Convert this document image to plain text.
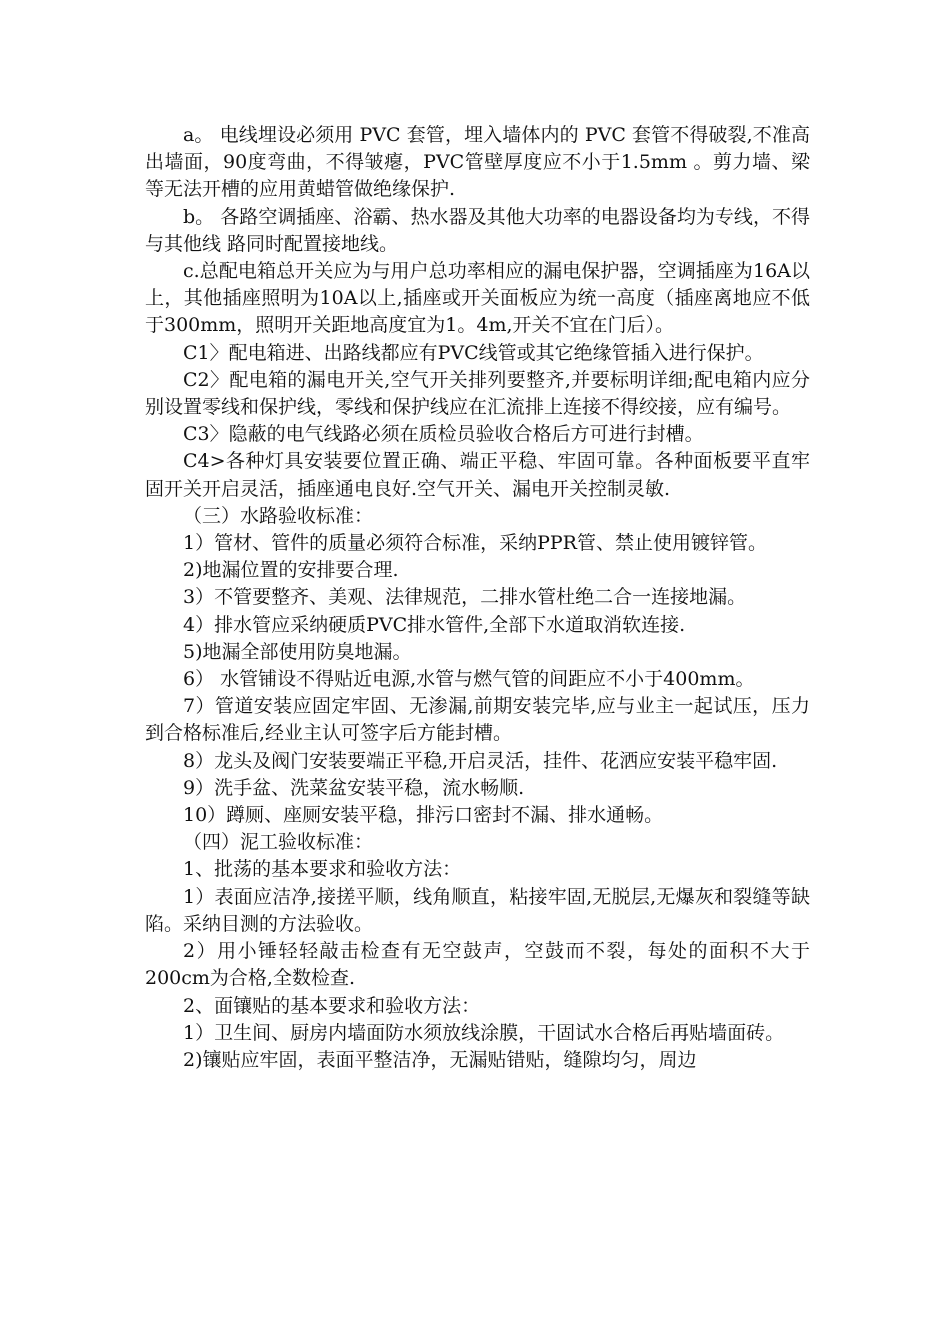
a。 电线埋设必须用 PVC 套管，埋入墙体内的 PVC 套管不得破裂,不准高出墙面，90度弯曲，不得皱瘪，PVC管壁厚度应不小于1.5mm 。剪力墙、梁等无法开槽的应用黄蜡管做绝缘保护.

b。 各路空调插座、浴霸、热水器及其他大功率的电器设备均为专线，不得与其他线 路同时配置接地线。

c.总配电箱总开关应为与用户总功率相应的漏电保护器，空调插座为16A以上，其他插座照明为10A以上,插座或开关面板应为统一高度（插座离地应不低于300mm，照明开关距地高度宜为1。4m,开关不宜在门后）。

C1〉配电箱进、出路线都应有PVC线管或其它绝缘管插入进行保护。

C2〉配电箱的漏电开关,空气开关排列要整齐,并要标明详细;配电箱内应分别设置零线和保护线，零线和保护线应在汇流排上连接不得绞接，应有编号。

C3〉隐蔽的电气线路必须在质检员验收合格后方可进行封槽。

C4>各种灯具安装要位置正确、端正平稳、牢固可靠。各种面板要平直牢固开关开启灵活，插座通电良好.空气开关、漏电开关控制灵敏.

（三）水路验收标准：

1）管材、管件的质量必须符合标准，采纳PPR管、禁止使用镀锌管。

2)地漏位置的安排要合理.

3）不管要整齐、美观、法律规范，二排水管杜绝二合一连接地漏。

4）排水管应采纳硬质PVC排水管件,全部下水道取消软连接.

5)地漏全部使用防臭地漏。

6） 水管铺设不得贴近电源,水管与燃气管的间距应不小于400mm。

7）管道安装应固定牢固、无渗漏,前期安装完毕,应与业主一起试压，压力到合格标准后,经业主认可签字后方能封槽。

8）龙头及阀门安装要端正平稳,开启灵活，挂件、花洒应安装平稳牢固.

9）洗手盆、洗菜盆安装平稳，流水畅顺.

10）蹲厕、座厕安装平稳，排污口密封不漏、排水通畅。

（四）泥工验收标准：

1、批荡的基本要求和验收方法：

1）表面应洁净,接搓平顺，线角顺直，粘接牢固,无脱层,无爆灰和裂缝等缺陷。采纳目测的方法验收。

2）用小锤轻轻敲击检查有无空鼓声，空鼓而不裂，每处的面积不大于200cm为合格,全数检查.

2、面镶贴的基本要求和验收方法：

1）卫生间、厨房内墙面防水须放线涂膜，干固试水合格后再贴墙面砖。

2)镶贴应牢固，表面平整洁净，无漏贴错贴，缝隙均匀，周边
